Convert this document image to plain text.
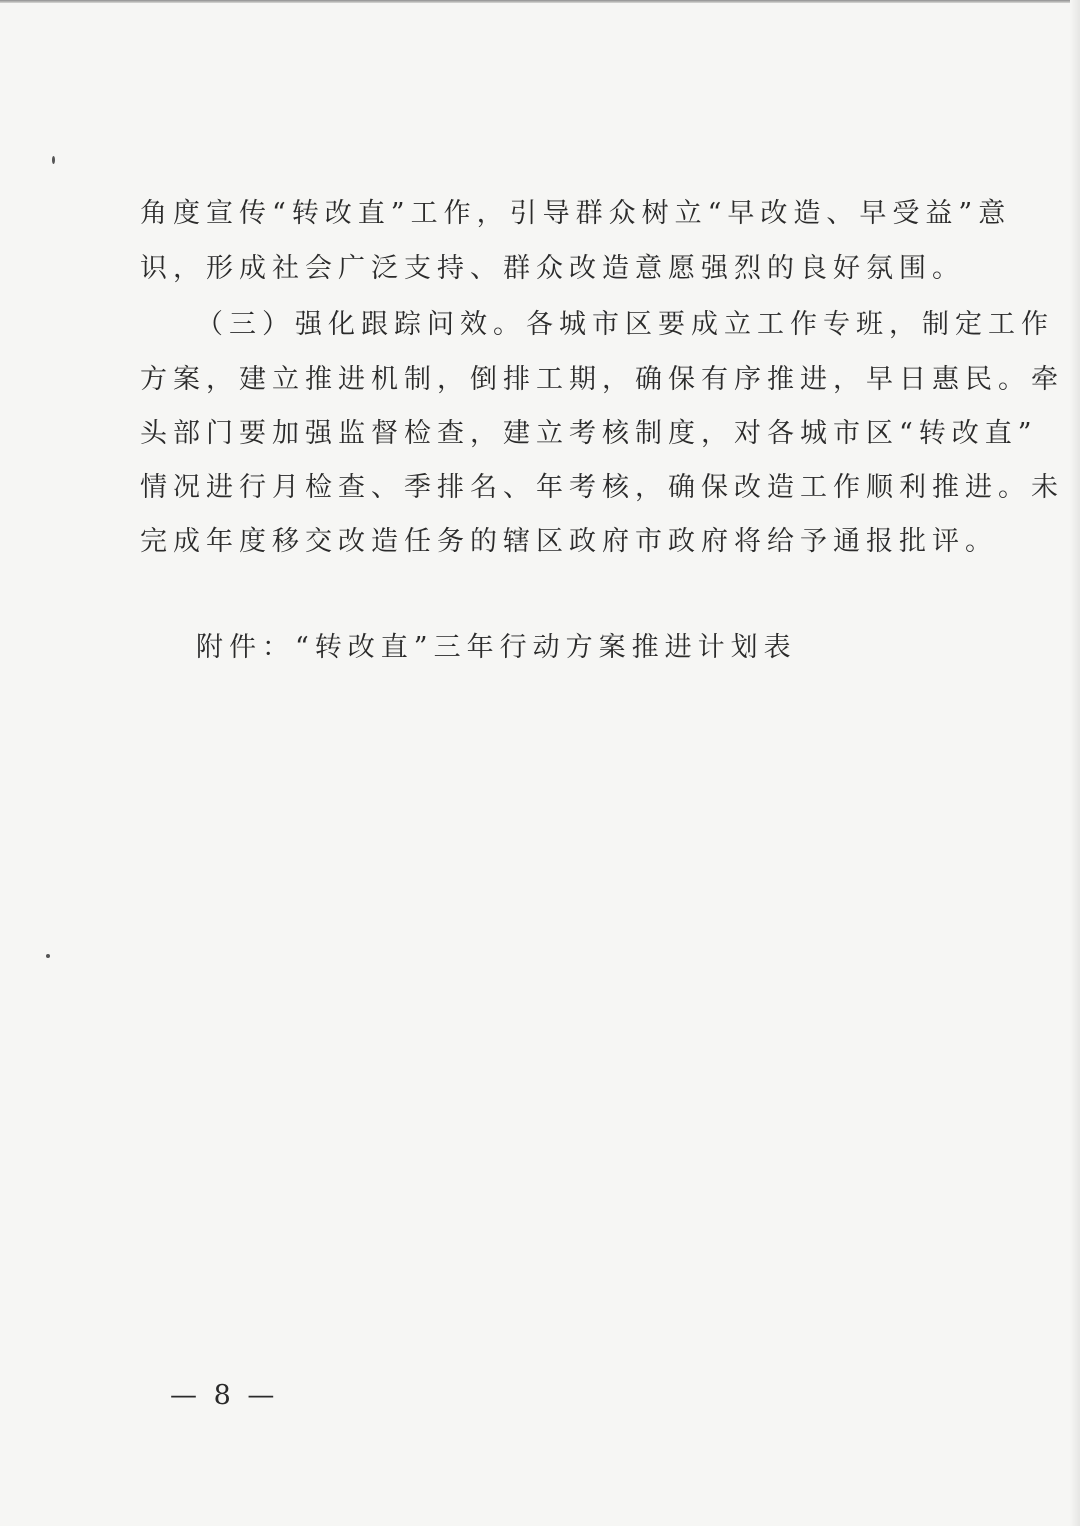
角度宣传“转改直”工作，引导群众树立“早改造、早受益”意
识，形成社会广泛支持、群众改造意愿强烈的良好氛围。
（三）强化跟踪问效。各城市区要成立工作专班，制定工作
方案，建立推进机制，倒排工期，确保有序推进，早日惠民。牵
头部门要加强监督检查，建立考核制度，对各城市区“转改直”
情况进行月检查、季排名、年考核，确保改造工作顺利推进。未
完成年度移交改造任务的辖区政府市政府将给予通报批评。
附件：“转改直”三年行动方案推进计划表
— 8 —
